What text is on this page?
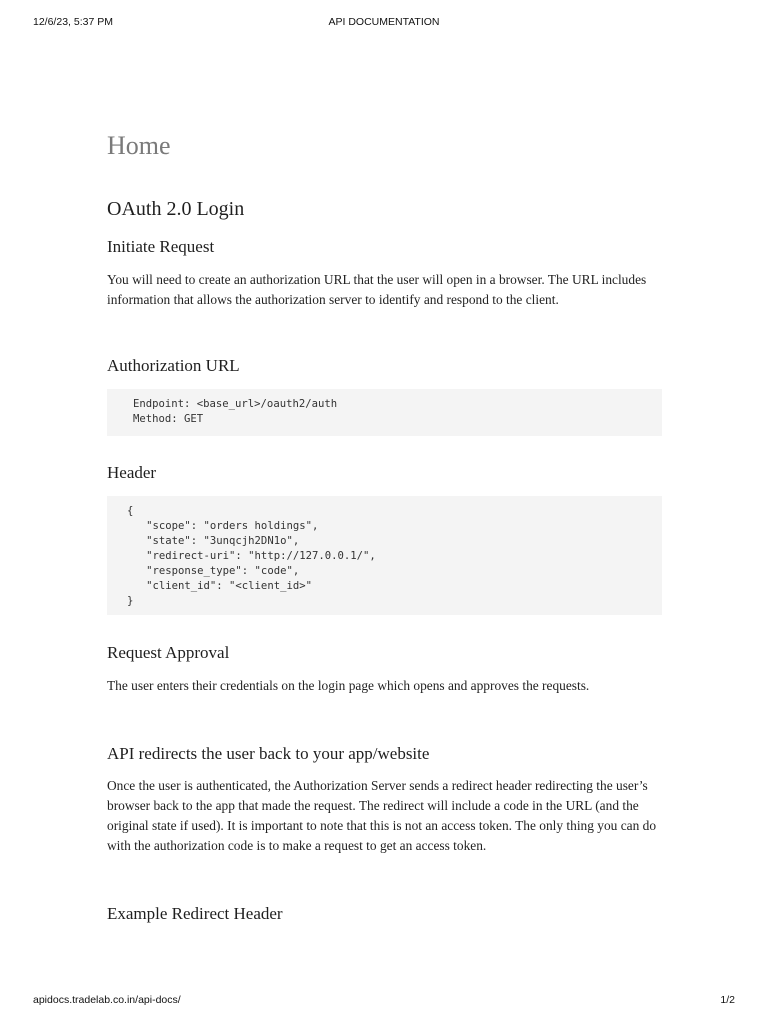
12/6/23, 5:37 PM	API DOCUMENTATION
Home
OAuth 2.0 Login
Initiate Request

You will need to create an authorization URL that the user will open in a browser. The URL includes information that allows the authorization server to identify and respond to the client.

Authorization URL
Endpoint: <base_url>/oauth2/auth
Method: GET
Header
{
"scope": "orders holdings",
"state": "3unqcjh2DN1o",
"redirect-uri": "http://127.0.0.1/",
"response_type": "code",
"client_id": "<client_id>"
}
Request Approval

The user enters their credentials on the login page which opens and approves the requests.

API redirects the user back to your app/website

Once the user is authenticated, the Authorization Server sends a redirect header redirecting the user’s browser back to the app that made the request. The redirect will include a code in the URL (and the original state if used). It is important to note that this is not an access token. The only thing you can do with the authorization code is to make a request to get an access token.

Example Redirect Header
apidocs.tradelab.co.in/api-docs/	1/2
